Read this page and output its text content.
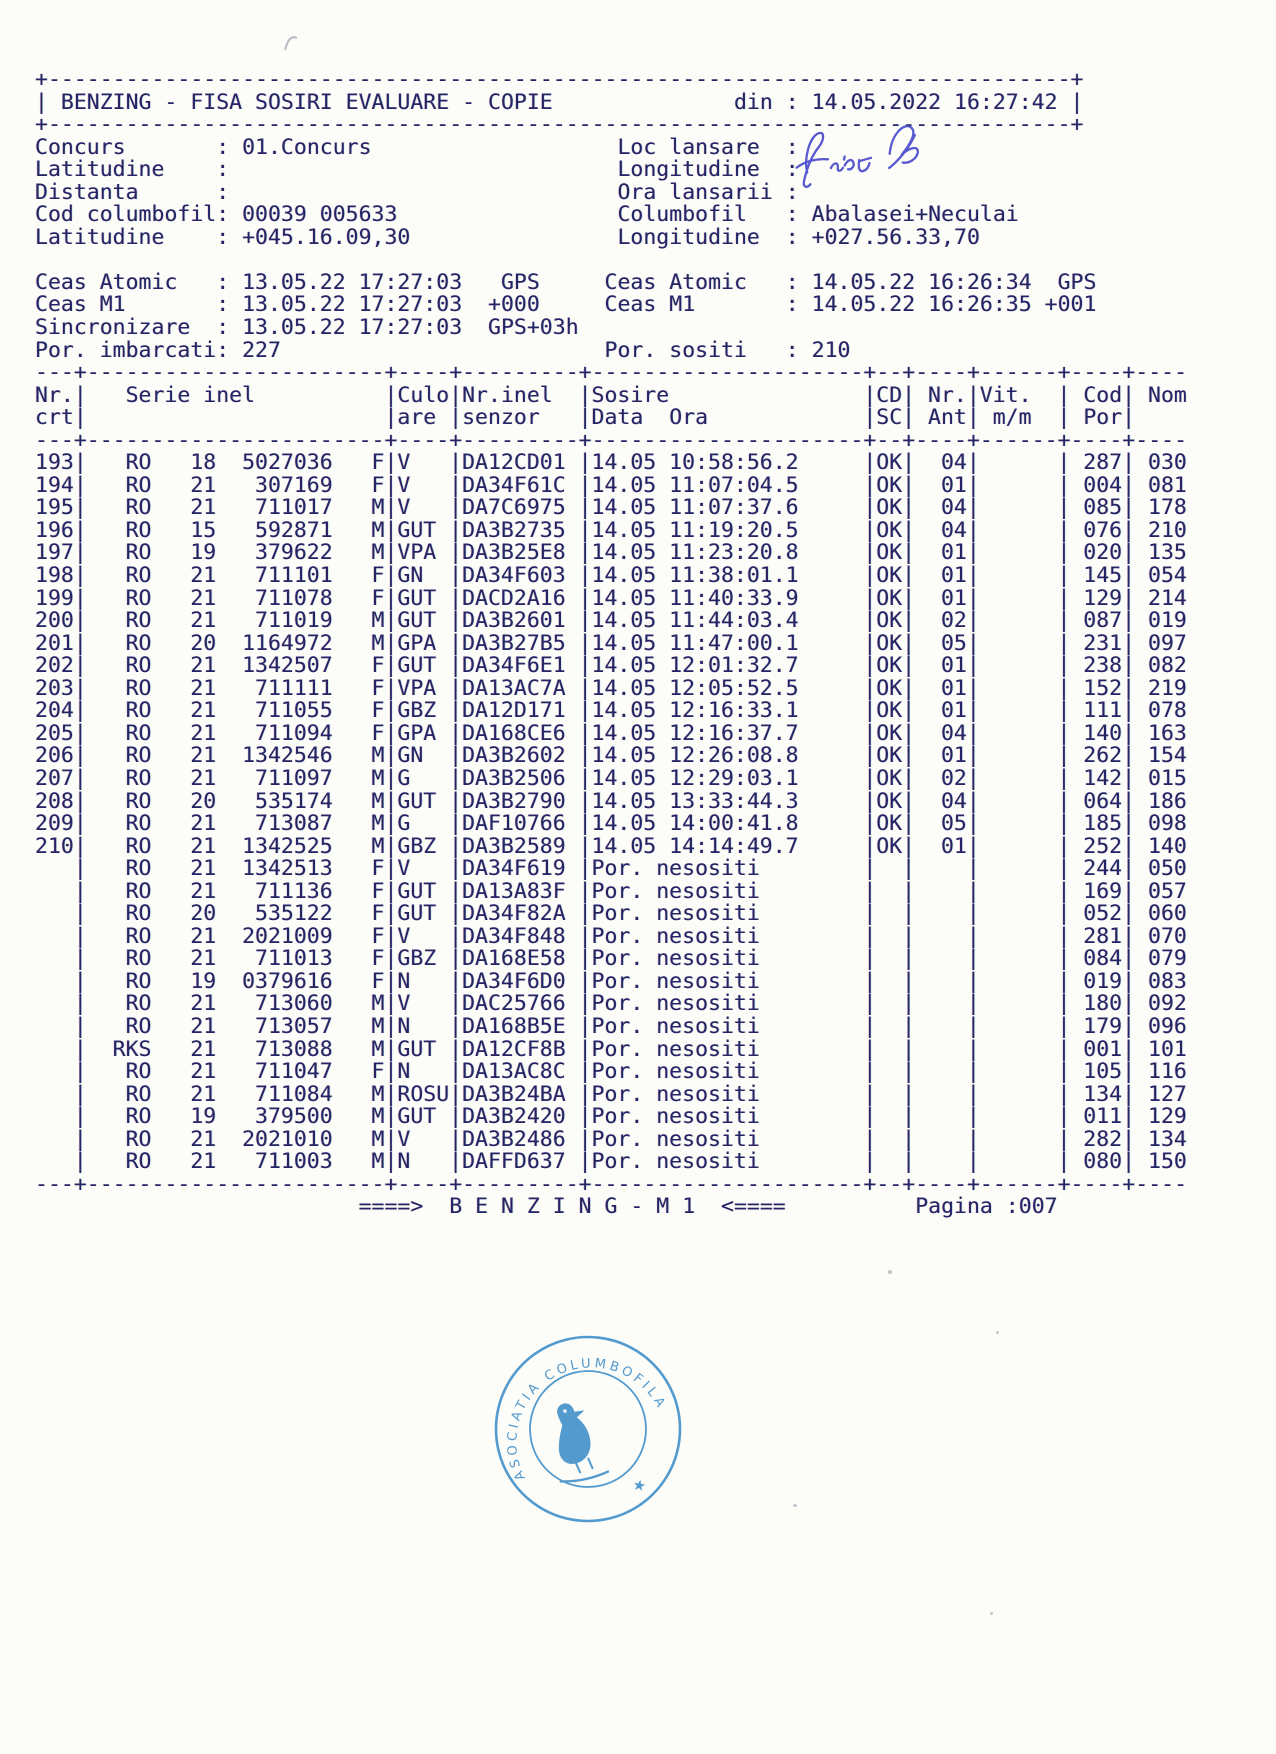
+-------------------------------------------------------------------------------+
| BENZING - FISA SOSIRI EVALUARE - COPIE	din : 14.05.2022 16:27:42 |
+-------------------------------------------------------------------------------+
Concurs	: 01.Concurs	Loc lansare :
Latitudine :	Longitudine :
Distanta	:	Ora lansarii :
Cod columbofil : 00039 005633	Columbofil : Abalasei+Neculai
Latitudine : +045.16.09,30	Longitudine : +027.56.33,70
Ceas Atomic : 13.05.22 17:27:03   GPS	Ceas Atomic : 14.05.22 16:26:34  GPS
Ceas M1	: 13.05.22 17:27:03  +000	Ceas M1	: 14.05.22 16:26:35 +001
Sincronizare : 13.05.22 17:27:03  GPS+03h
Por. imbarcati : 227	Por. sositi : 210
---+-----------------------+----+---------+---------------------+--+----+------+----+----
Nr.| Serie inel	|Culo|Nr.inel |Sosire	|CD| Nr.|Vit. | Cod| Nom
crt|	|are |senzor |Data  Ora	|SC| Ant| m/m | Por|
---+-----------------------+----+---------+---------------------+--+----+------+----+----
193| RO 18 5027036 F|V |DA12CD01 |14.05 10:58:56.2	|OK| 04|	| 287| 030
194| RO 21 307169 F|V |DA34F61C |14.05 11:07:04.5	|OK| 01|	| 004| 081
195| RO 21 711017 M|V |DA7C6975 |14.05 11:07:37.6	|OK| 04|	| 085| 178
196| RO 15 592871 M|GUT |DA3B2735 |14.05 11:19:20.5	|OK| 04|	| 076| 210
197| RO 19 379622 M|VPA |DA3B25E8 |14.05 11:23:20.8	|OK| 01|	| 020| 135
198| RO 21 711101 F|GN |DA34F603 |14.05 11:38:01.1	|OK| 01|	| 145| 054
199| RO 21 711078 F|GUT |DACD2A16 |14.05 11:40:33.9	|OK| 01|	| 129| 214
200| RO 21 711019 M|GUT |DA3B2601 |14.05 11:44:03.4	|OK| 02|	| 087| 019
201| RO 20 1164972 M|GPA |DA3B27B5 |14.05 11:47:00.1	|OK| 05|	| 231| 097
202| RO 21 1342507 F|GUT |DA34F6E1 |14.05 12:01:32.7	|OK| 01|	| 238| 082
203| RO 21 711111 F|VPA |DA13AC7A |14.05 12:05:52.5	|OK| 01|	| 152| 219
204| RO 21 711055 F|GBZ |DA12D171 |14.05 12:16:33.1	|OK| 01|	| 111| 078
205| RO 21 711094 F|GPA |DA168CE6 |14.05 12:16:37.7	|OK| 04|	| 140| 163
206| RO 21 1342546 M|GN |DA3B2602 |14.05 12:26:08.8	|OK| 01|	| 262| 154
207| RO 21 711097 M|G |DA3B2506 |14.05 12:29:03.1	|OK| 02|	| 142| 015
208| RO 20 535174 M|GUT |DA3B2790 |14.05 13:33:44.3	|OK| 04|	| 064| 186
209| RO 21 713087 M|G |DAF10766 |14.05 14:00:41.8	|OK| 05|	| 185| 098
210| RO 21 1342525 M|GBZ |DA3B2589 |14.05 14:14:49.7	|OK| 01|	| 252| 140
| RO 21 1342513 F|V |DA34F619 |Por. nesositi	| | |	| 244| 050
| RO 21 711136 F|GUT |DA13A83F |Por. nesositi	| | |	| 169| 057
| RO 20 535122 F|GUT |DA34F82A |Por. nesositi	| | |	| 052| 060
| RO 21 2021009 F|V |DA34F848 |Por. nesositi	| | |	| 281| 070
| RO 21 711013 F|GBZ |DA168E58 |Por. nesositi	| | |	| 084| 079
| RO 19 0379616 F|N |DA34F6D0 |Por. nesositi	| | |	| 019| 083
| RO 21 713060 M|V |DAC25766 |Por. nesositi	| | |	| 180| 092
| RO 21 713057 M|N |DA168B5E |Por. nesositi	| | |	| 179| 096
| RKS 21 713088 M|GUT |DA12CF8B |Por. nesositi	| | |	| 001| 101
| RO 21 711047 F|N |DA13AC8C |Por. nesositi	| | |	| 105| 116
| RO 21 711084 M|ROSU|DA3B24BA |Por. nesositi	| | |	| 134| 127
| RO 19 379500 M|GUT |DA3B2420 |Por. nesositi	| | |	| 011| 129
| RO 21 2021010 M|V |DA3B2486 |Por. nesositi	| | |	| 282| 134
| RO 21 711003 M|N |DAFFD637 |Por. nesositi	| | |	| 080| 150
---+-----------------------+----+---------+---------------------+--+----+------+----+----
====> B E N Z I N G - M 1 <====	Pagina : 007
ASOCIATIA COLUMBOFILA
★
